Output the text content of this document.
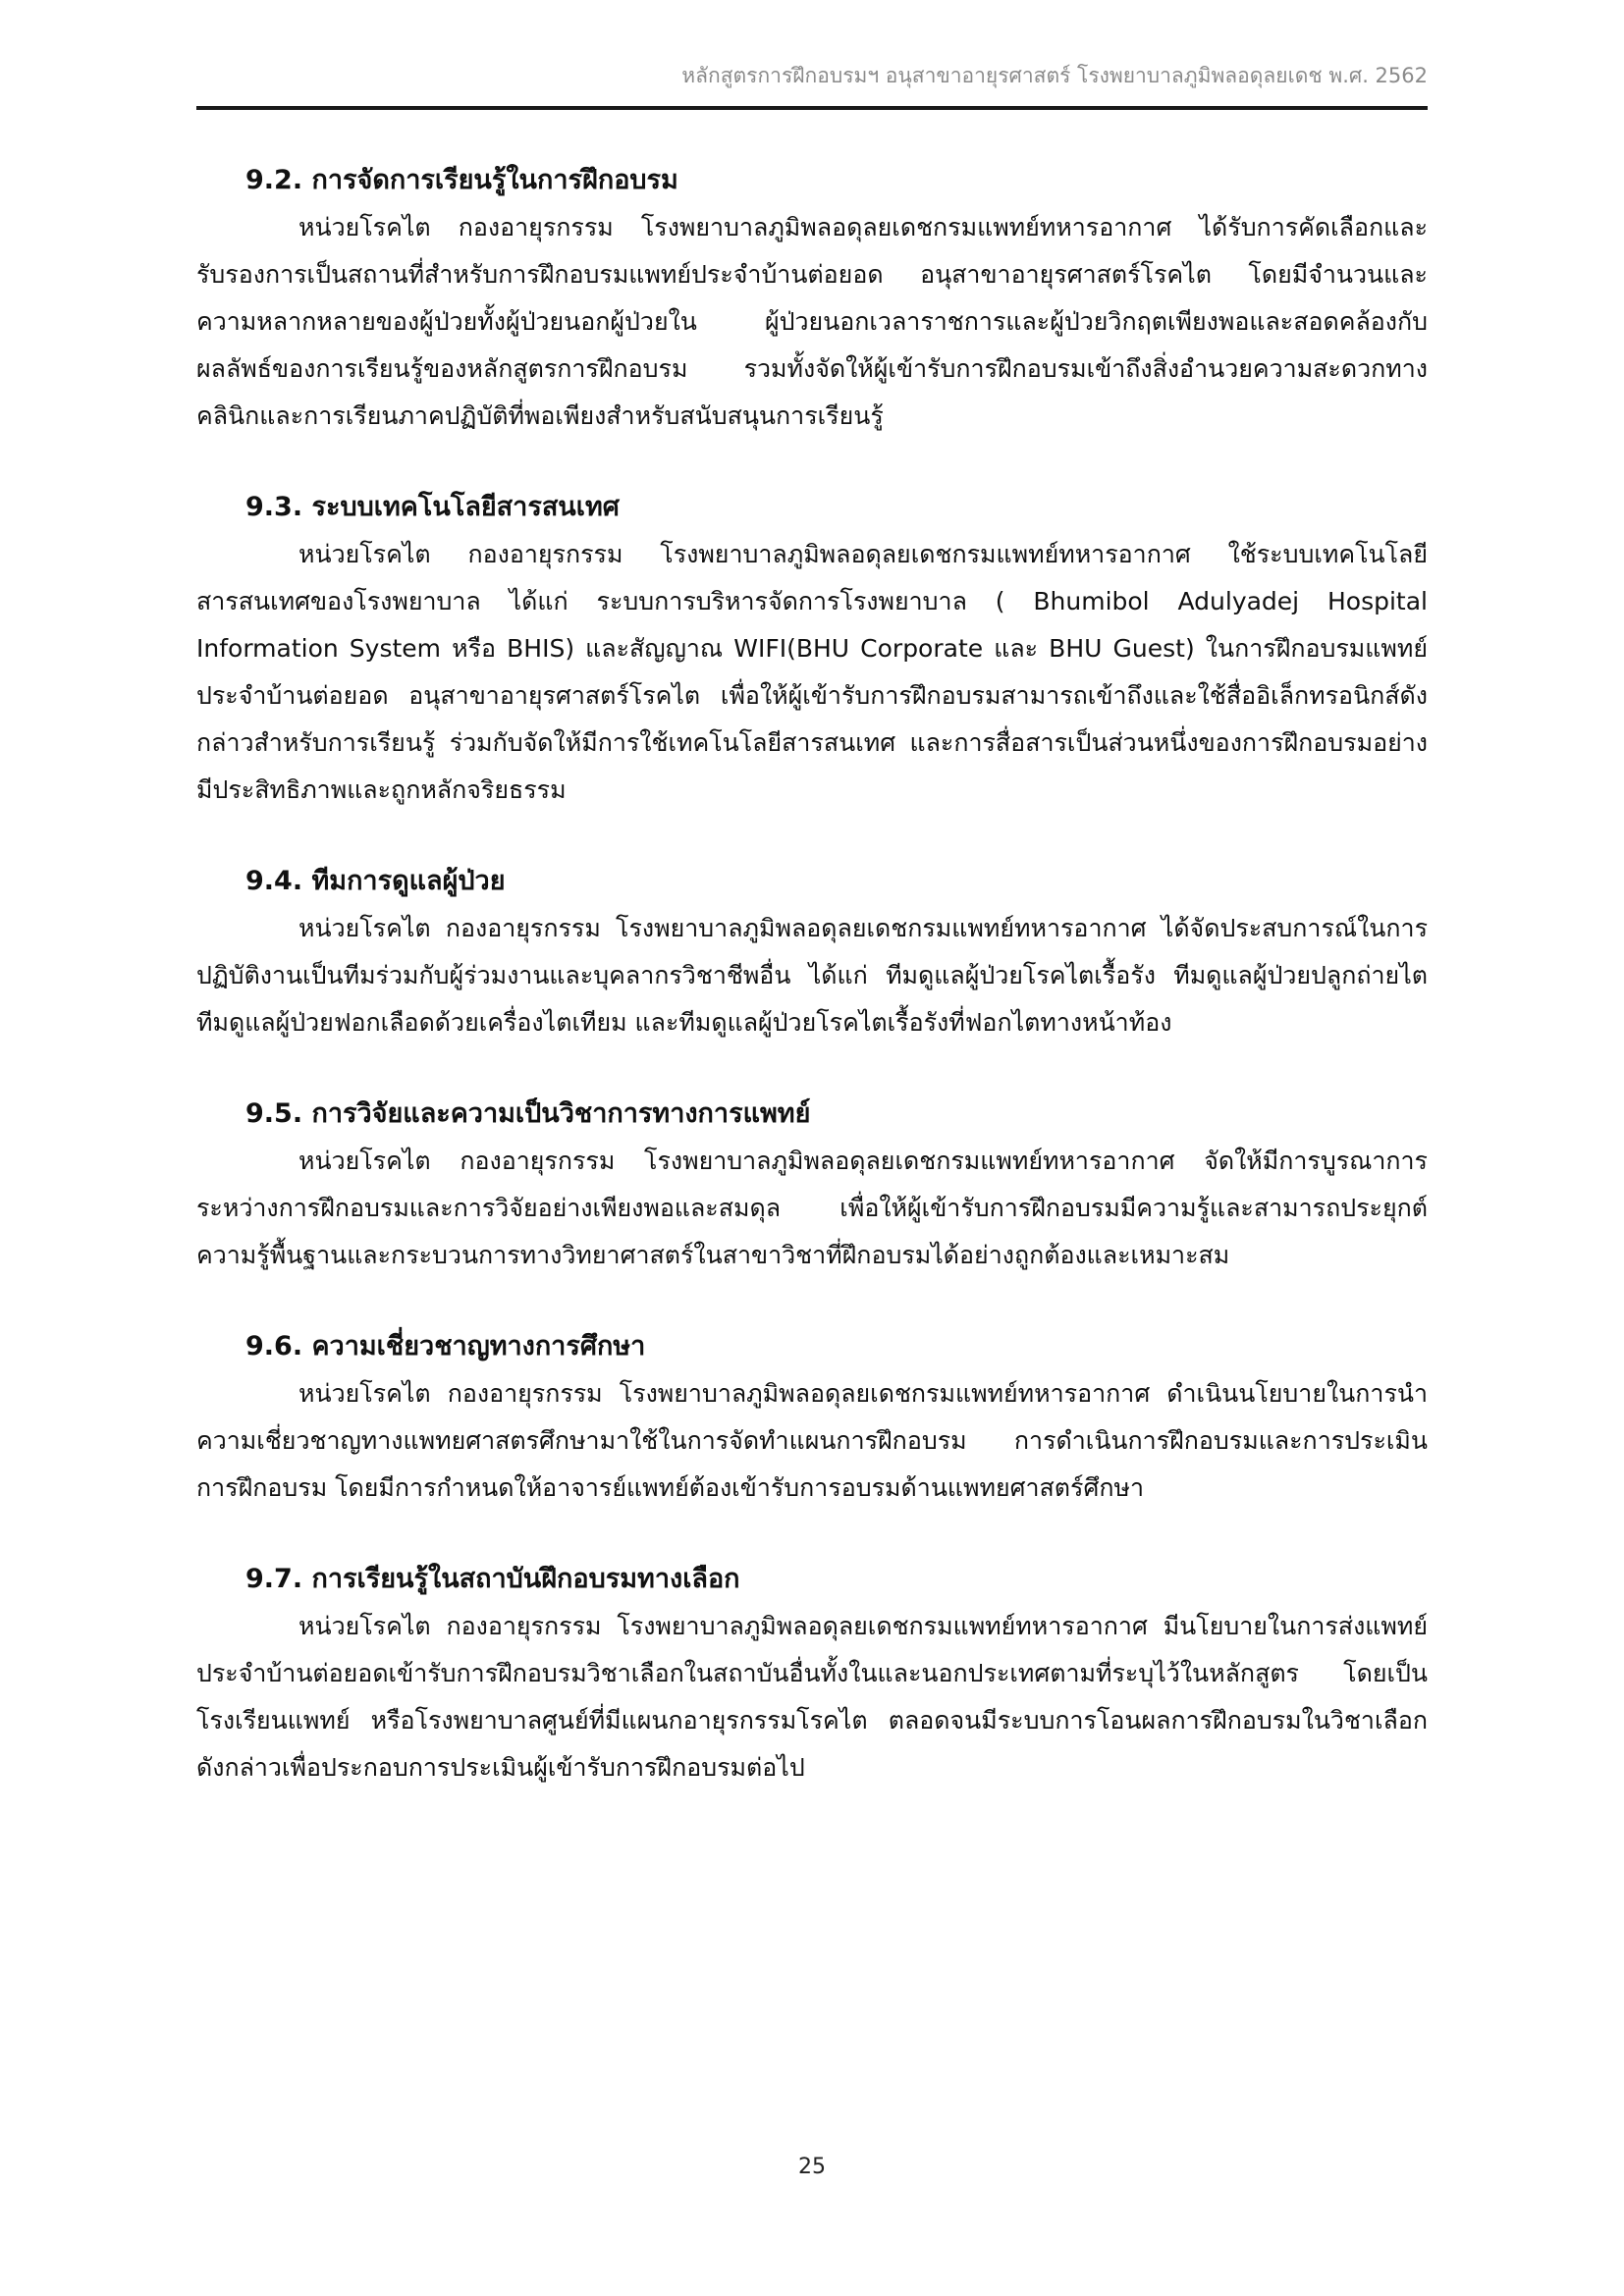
หลักสูตรการฝึกอบรมฯ อนุสาขาอายุรศาสตร์ โรงพยาบาลภูมิพลอดุลยเดช พ.ศ. 2562
9.2. การจัดการเรียนรู้ในการฝึกอบรม

หน่วยโรคไต กองอายุรกรรม โรงพยาบาลภูมิพลอดุลยเดชกรมแพทย์ทหารอากาศ ได้รับการคัดเลือกและรับรองการเป็นสถานที่สำหรับการฝึกอบรมแพทย์ประจำบ้านต่อยอด อนุสาขาอายุรศาสตร์โรคไต โดยมีจำนวนและความหลากหลายของผู้ป่วยทั้งผู้ป่วยนอกผู้ป่วยใน ผู้ป่วยนอกเวลาราชการและผู้ป่วยวิกฤตเพียงพอและสอดคล้องกับผลลัพธ์ของการเรียนรู้ของหลักสูตรการฝึกอบรม รวมทั้งจัดให้ผู้เข้ารับการฝึกอบรมเข้าถึงสิ่งอำนวยความสะดวกทางคลินิกและการเรียนภาคปฏิบัติที่พอเพียงสำหรับสนับสนุนการเรียนรู้

9.3. ระบบเทคโนโลยีสารสนเทศ

หน่วยโรคไต กองอายุรกรรม โรงพยาบาลภูมิพลอดุลยเดชกรมแพทย์ทหารอากาศ ใช้ระบบเทคโนโลยีสารสนเทศของโรงพยาบาล ได้แก่ ระบบการบริหารจัดการโรงพยาบาล ( Bhumibol Adulyadej Hospital Information System หรือ BHIS) และสัญญาณ WIFI(BHU Corporate และ BHU Guest) ในการฝึกอบรมแพทย์ประจำบ้านต่อยอด อนุสาขาอายุรศาสตร์โรคไต เพื่อให้ผู้เข้ารับการฝึกอบรมสามารถเข้าถึงและใช้สื่ออิเล็กทรอนิกส์ดังกล่าวสำหรับการเรียนรู้ ร่วมกับจัดให้มีการใช้เทคโนโลยีสารสนเทศ และการสื่อสารเป็นส่วนหนึ่งของการฝึกอบรมอย่างมีประสิทธิภาพและถูกหลักจริยธรรม

9.4. ทีมการดูแลผู้ป่วย

หน่วยโรคไต กองอายุรกรรม โรงพยาบาลภูมิพลอดุลยเดชกรมแพทย์ทหารอากาศ ได้จัดประสบการณ์ในการปฏิบัติงานเป็นทีมร่วมกับผู้ร่วมงานและบุคลากรวิชาชีพอื่น ได้แก่ ทีมดูแลผู้ป่วยโรคไตเรื้อรัง ทีมดูแลผู้ป่วยปลูกถ่ายไต ทีมดูแลผู้ป่วยฟอกเลือดด้วยเครื่องไตเทียม และทีมดูแลผู้ป่วยโรคไตเรื้อรังที่ฟอกไตทางหน้าท้อง

9.5. การวิจัยและความเป็นวิชาการทางการแพทย์

หน่วยโรคไต กองอายุรกรรม โรงพยาบาลภูมิพลอดุลยเดชกรมแพทย์ทหารอากาศ จัดให้มีการบูรณาการระหว่างการฝึกอบรมและการวิจัยอย่างเพียงพอและสมดุล เพื่อให้ผู้เข้ารับการฝึกอบรมมีความรู้และสามารถประยุกต์ความรู้พื้นฐานและกระบวนการทางวิทยาศาสตร์ในสาขาวิชาที่ฝึกอบรมได้อย่างถูกต้องและเหมาะสม

9.6. ความเชี่ยวชาญทางการศึกษา

หน่วยโรคไต กองอายุรกรรม โรงพยาบาลภูมิพลอดุลยเดชกรมแพทย์ทหารอากาศ ดำเนินนโยบายในการนำความเชี่ยวชาญทางแพทยศาสตรศึกษามาใช้ในการจัดทำแผนการฝึกอบรม การดำเนินการฝึกอบรมและการประเมินการฝึกอบรม โดยมีการกำหนดให้อาจารย์แพทย์ต้องเข้ารับการอบรมด้านแพทยศาสตร์ศึกษา

9.7. การเรียนรู้ในสถาบันฝึกอบรมทางเลือก

หน่วยโรคไต กองอายุรกรรม โรงพยาบาลภูมิพลอดุลยเดชกรมแพทย์ทหารอากาศ มีนโยบายในการส่งแพทย์ประจำบ้านต่อยอดเข้ารับการฝึกอบรมวิชาเลือกในสถาบันอื่นทั้งในและนอกประเทศตามที่ระบุไว้ในหลักสูตร โดยเป็นโรงเรียนแพทย์ หรือโรงพยาบาลศูนย์ที่มีแผนกอายุรกรรมโรคไต ตลอดจนมีระบบการโอนผลการฝึกอบรมในวิชาเลือกดังกล่าวเพื่อประกอบการประเมินผู้เข้ารับการฝึกอบรมต่อไป

25
